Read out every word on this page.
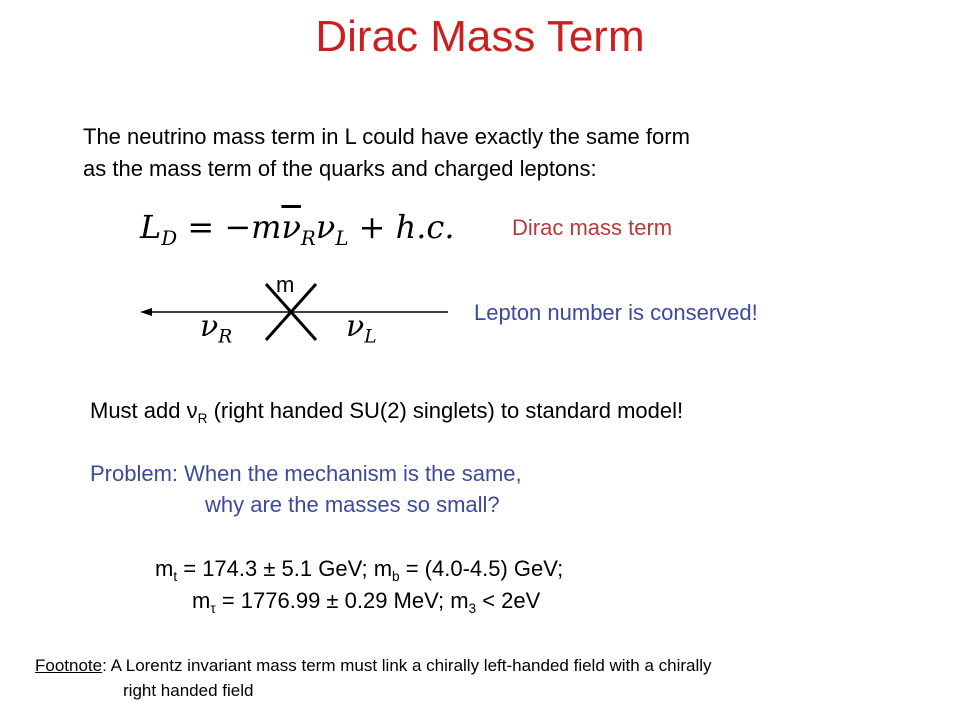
Dirac Mass Term
The neutrino mass term in L could have exactly the same form
as the mass term of the quarks and charged leptons:
$L_D = -m\overline{\nu}_R\nu_L + h.c$.	Dirac mass term
m
$\nu_R$	$\nu_L$
Lepton number is conserved!
Must add $\nu_R$ (right handed SU(2) singlets) to standard model!
Problem: When the mechanism is the same,
why are the masses so small?
$m_t = 174.3 \pm 5.1$ GeV; $m_b = (4.0-4.5)$ GeV;
$m_\tau = 1776.99 \pm 0.29$ MeV; $m_3 < 2eV$
Footnote: A Lorentz invariant mass term must link a chirally left-handed field with a chirally
right handed field
